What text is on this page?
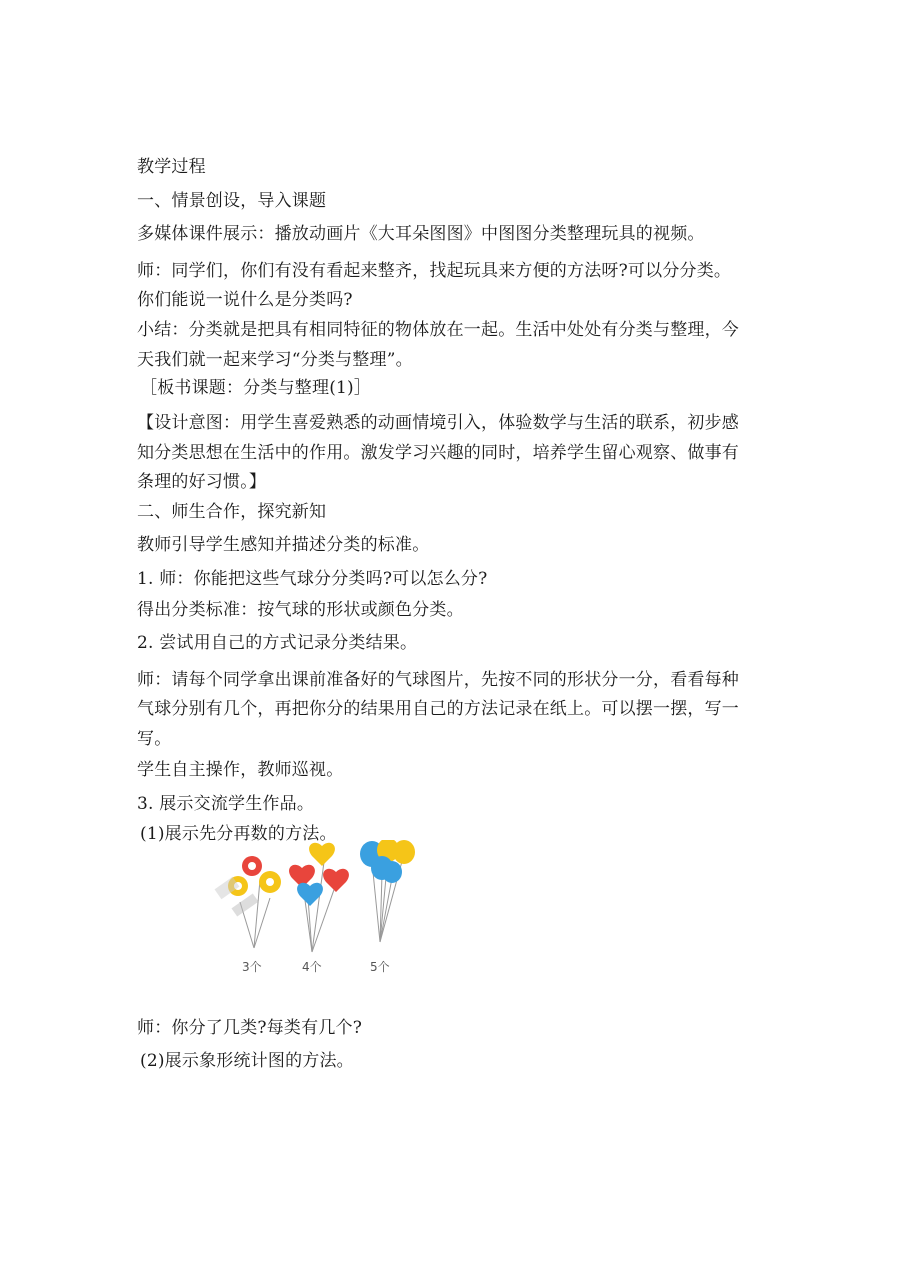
教学过程
一、情景创设，导入课题
多媒体课件展示：播放动画片《大耳朵图图》中图图分类整理玩具的视频。
师：同学们，你们有没有看起来整齐，找起玩具来方便的方法呀?可以分分类。
你们能说一说什么是分类吗?
小结：分类就是把具有相同特征的物体放在一起。生活中处处有分类与整理，今
天我们就一起来学习“分类与整理”。
［板书课题：分类与整理(1)］
【设计意图：用学生喜爱熟悉的动画情境引入，体验数学与生活的联系，初步感
知分类思想在生活中的作用。激发学习兴趣的同时，培养学生留心观察、做事有
条理的好习惯。】
二、师生合作，探究新知
教师引导学生感知并描述分类的标准。
1. 师：你能把这些气球分分类吗?可以怎么分?
得出分类标准：按气球的形状或颜色分类。
2. 尝试用自己的方式记录分类结果。
师：请每个同学拿出课前准备好的气球图片，先按不同的形状分一分，看看每种
气球分别有几个，再把你分的结果用自己的方法记录在纸上。可以摆一摆，写一
写。
学生自主操作，教师巡视。
3. 展示交流学生作品。
(1)展示先分再数的方法。
3个	4个	5个
师：你分了几类?每类有几个?
(2)展示象形统计图的方法。
